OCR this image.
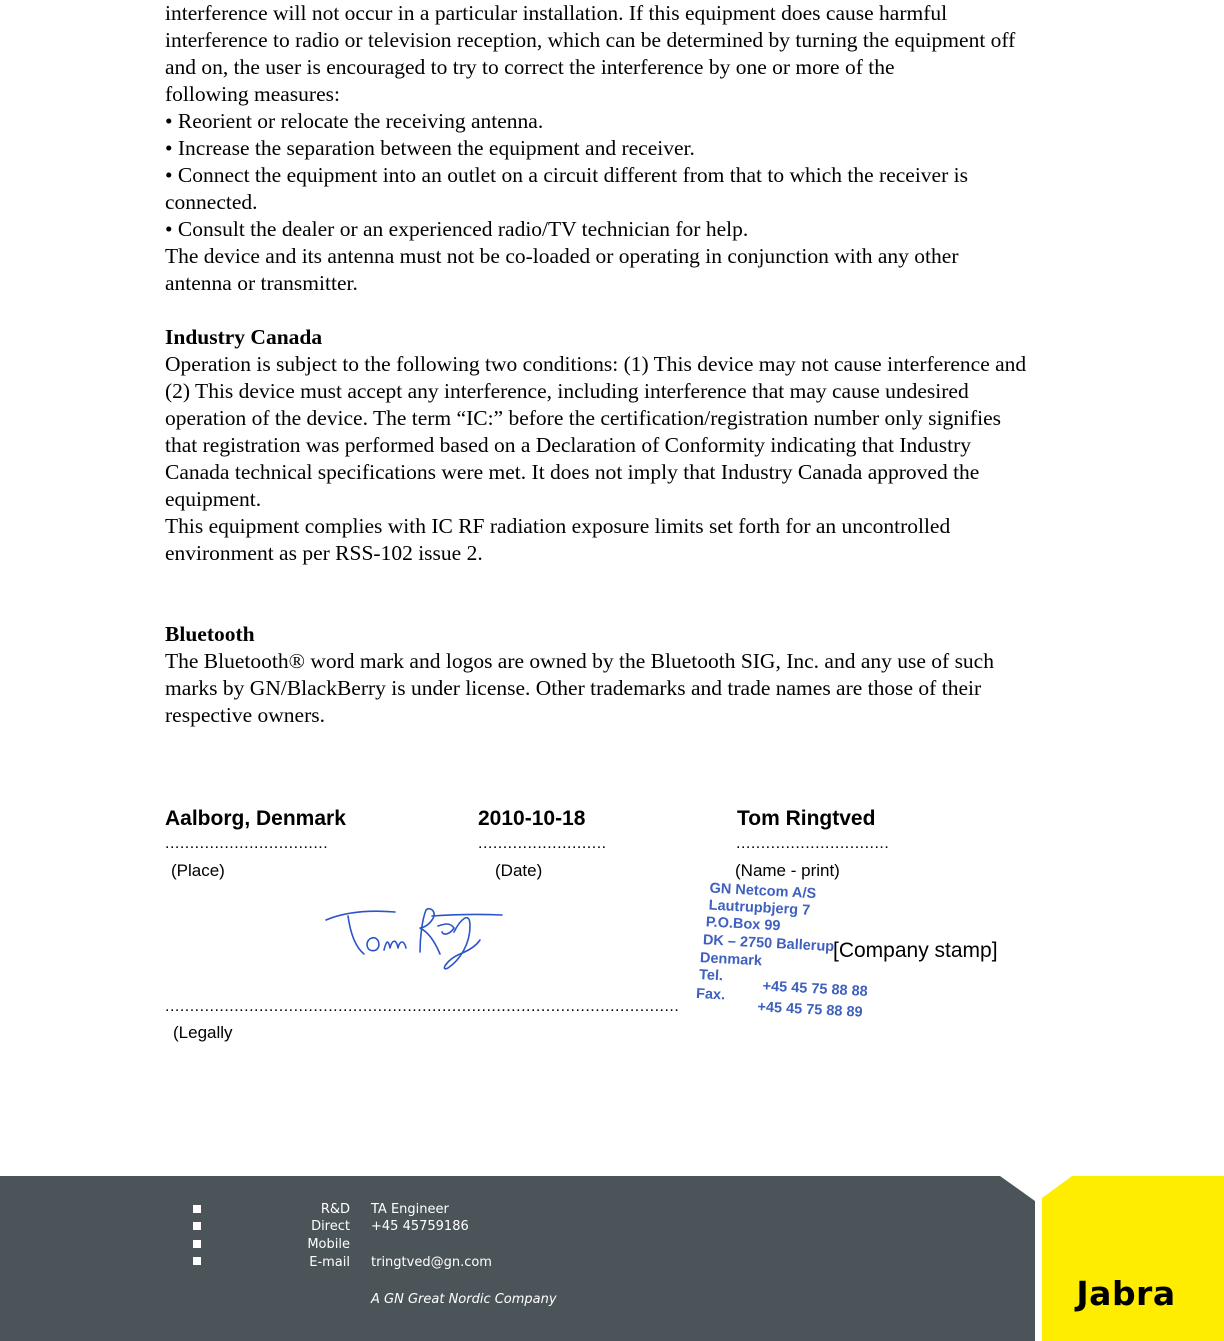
interference will not occur in a particular installation. If this equipment does cause harmful

interference to radio or television reception, which can be determined by turning the equipment off

and on, the user is encouraged to try to correct the interference by one or more of the

following measures:

• Reorient or relocate the receiving antenna.

• Increase the separation between the equipment and receiver.

• Connect the equipment into an outlet on a circuit different from that to which the receiver is

connected.

• Consult the dealer or an experienced radio/TV technician for help.

The device and its antenna must not be co-loaded or operating in conjunction with any other

antenna or transmitter.

Industry Canada

Operation is subject to the following two conditions: (1) This device may not cause interference and

(2) This device must accept any interference, including interference that may cause undesired

operation of the device. The term “IC:” before the certification/registration number only signifies

that registration was performed based on a Declaration of Conformity indicating that Industry

Canada technical specifications were met. It does not imply that Industry Canada approved the

equipment.

This equipment complies with IC RF radiation exposure limits set forth for an uncontrolled

environment as per RSS-102 issue 2.

Bluetooth

The Bluetooth® word mark and logos are owned by the Bluetooth SIG, Inc. and any use of such

marks by GN/BlackBerry is under license. Other trademarks and trade names are those of their

respective owners.

Aalborg, Denmark	2010-10-18	Tom Ringtved
.................................	..........................	...............................
(Place)	(Date)	(Name - print)
GN Netcom A/S
Lautrupbjerg 7
P.O.Box 99
DK – 2750 Ballerup
Denmark
Tel.
+45 45 75 88 88
Fax.
+45 45 75 88 89
[Company stamp]
........................................................................................................
(Legally
R&D TA Engineer
Direct +45 45759186
Mobile
E-mail tringtved@gn.com
A GN Great Nordic Company	Jabra
